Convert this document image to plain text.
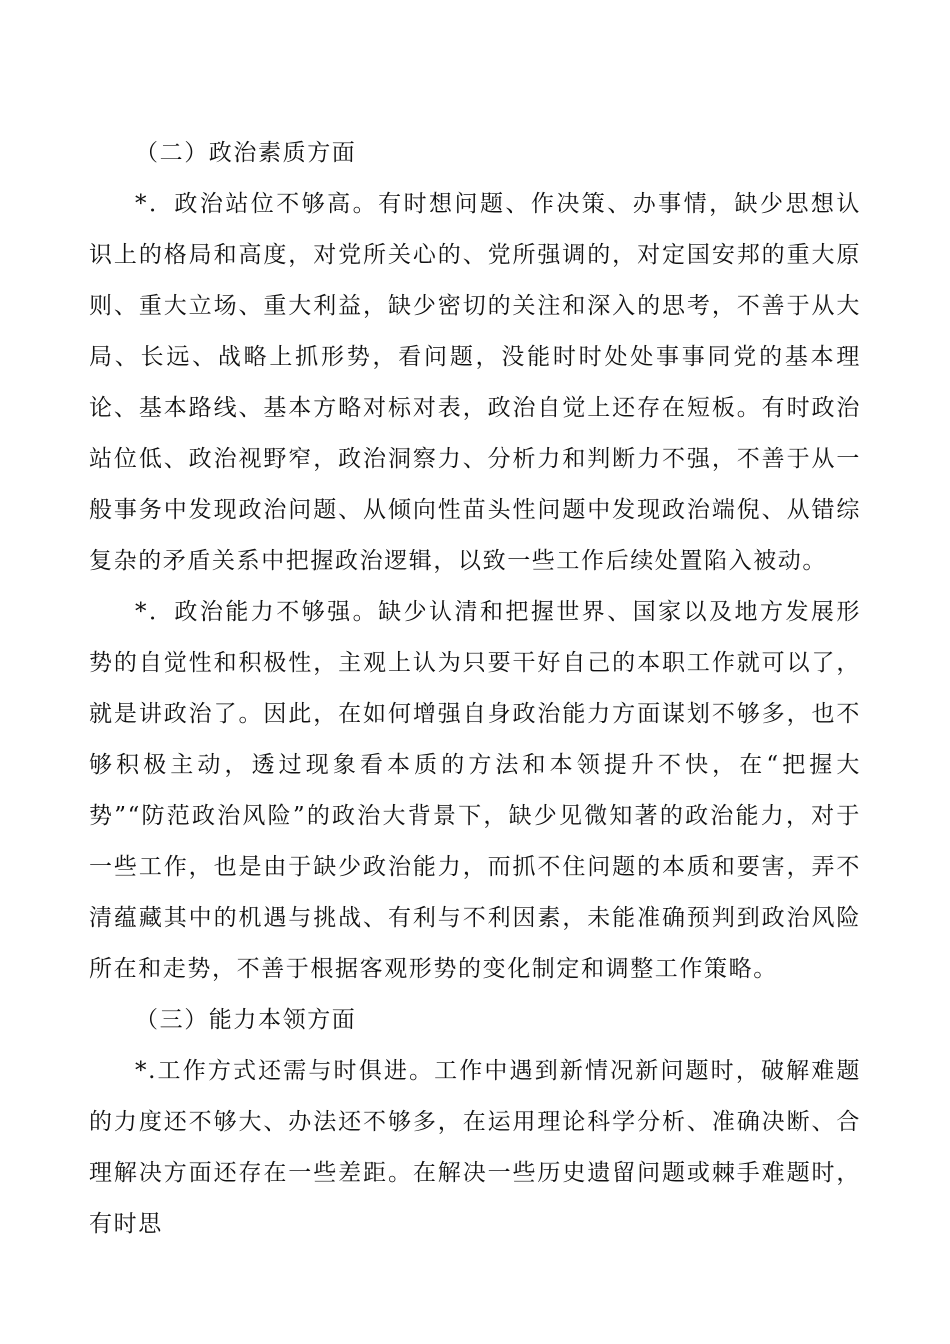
（二）政治素质方面

*．政治站位不够高。有时想问题、作决策、办事情，缺少思想认识上的格局和高度，对党所关心的、党所强调的，对定国安邦的重大原则、重大立场、重大利益，缺少密切的关注和深入的思考，不善于从大局、长远、战略上抓形势，看问题，没能时时处处事事同党的基本理论、基本路线、基本方略对标对表，政治自觉上还存在短板。有时政治站位低、政治视野窄，政治洞察力、分析力和判断力不强，不善于从一般事务中发现政治问题、从倾向性苗头性问题中发现政治端倪、从错综复杂的矛盾关系中把握政治逻辑，以致一些工作后续处置陷入被动。

*．政治能力不够强。缺少认清和把握世界、国家以及地方发展形势的自觉性和积极性，主观上认为只要干好自己的本职工作就可以了，就是讲政治了。因此，在如何增强自身政治能力方面谋划不够多，也不够积极主动，透过现象看本质的方法和本领提升不快，在“把握大势”“防范政治风险”的政治大背景下，缺少见微知著的政治能力，对于一些工作，也是由于缺少政治能力，而抓不住问题的本质和要害，弄不清蕴藏其中的机遇与挑战、有利与不利因素，未能准确预判到政治风险所在和走势，不善于根据客观形势的变化制定和调整工作策略。

（三）能力本领方面

*.工作方式还需与时俱进。工作中遇到新情况新问题时，破解难题的力度还不够大、办法还不够多，在运用理论科学分析、准确决断、合理解决方面还存在一些差距。在解决一些历史遗留问题或棘手难题时，有时思
